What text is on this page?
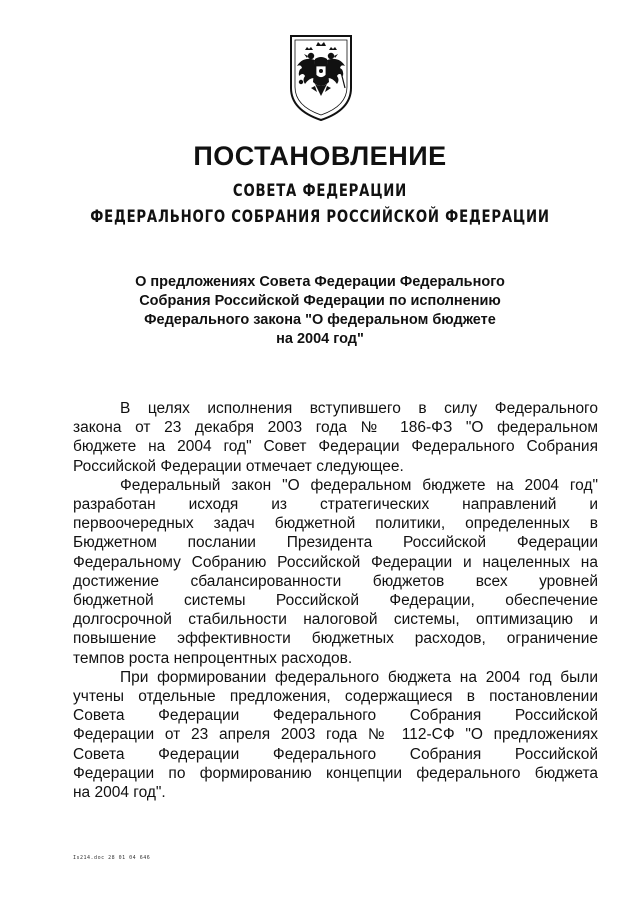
ПОСТАНОВЛЕНИЕ
СОВЕТА ФЕДЕРАЦИИ
ФЕДЕРАЛЬНОГО СОБРАНИЯ РОССИЙСКОЙ ФЕДЕРАЦИИ
О предложениях Совета Федерации Федерального
Собрания Российской Федерации по исполнению
Федерального закона "О федеральном бюджете
на 2004 год"

В целях исполнения вступившего в силу Федерального
закона от 23 декабря 2003 года № 186-ФЗ "О федеральном
бюджете на 2004 год" Совет Федерации Федерального Собрания
Российской Федерации отмечает следующее.

Федеральный закон "О федеральном бюджете на 2004 год"
разработан исходя из стратегических направлений и
первоочередных задач бюджетной политики, определенных в
Бюджетном послании Президента Российской Федерации
Федеральному Собранию Российской Федерации и нацеленных на
достижение сбалансированности бюджетов всех уровней
бюджетной системы Российской Федерации, обеспечение
долгосрочной стабильности налоговой системы, оптимизацию и
повышение эффективности бюджетных расходов, ограничение
темпов роста непроцентных расходов.

При формировании федерального бюджета на 2004 год были
учтены отдельные предложения, содержащиеся в постановлении
Совета Федерации Федерального Собрания Российской
Федерации от 23 апреля 2003 года № 112-СФ "О предложениях
Совета Федерации Федерального Собрания Российской
Федерации по формированию концепции федерального бюджета
на 2004 год".

Is214.doc 28 01 04 646
